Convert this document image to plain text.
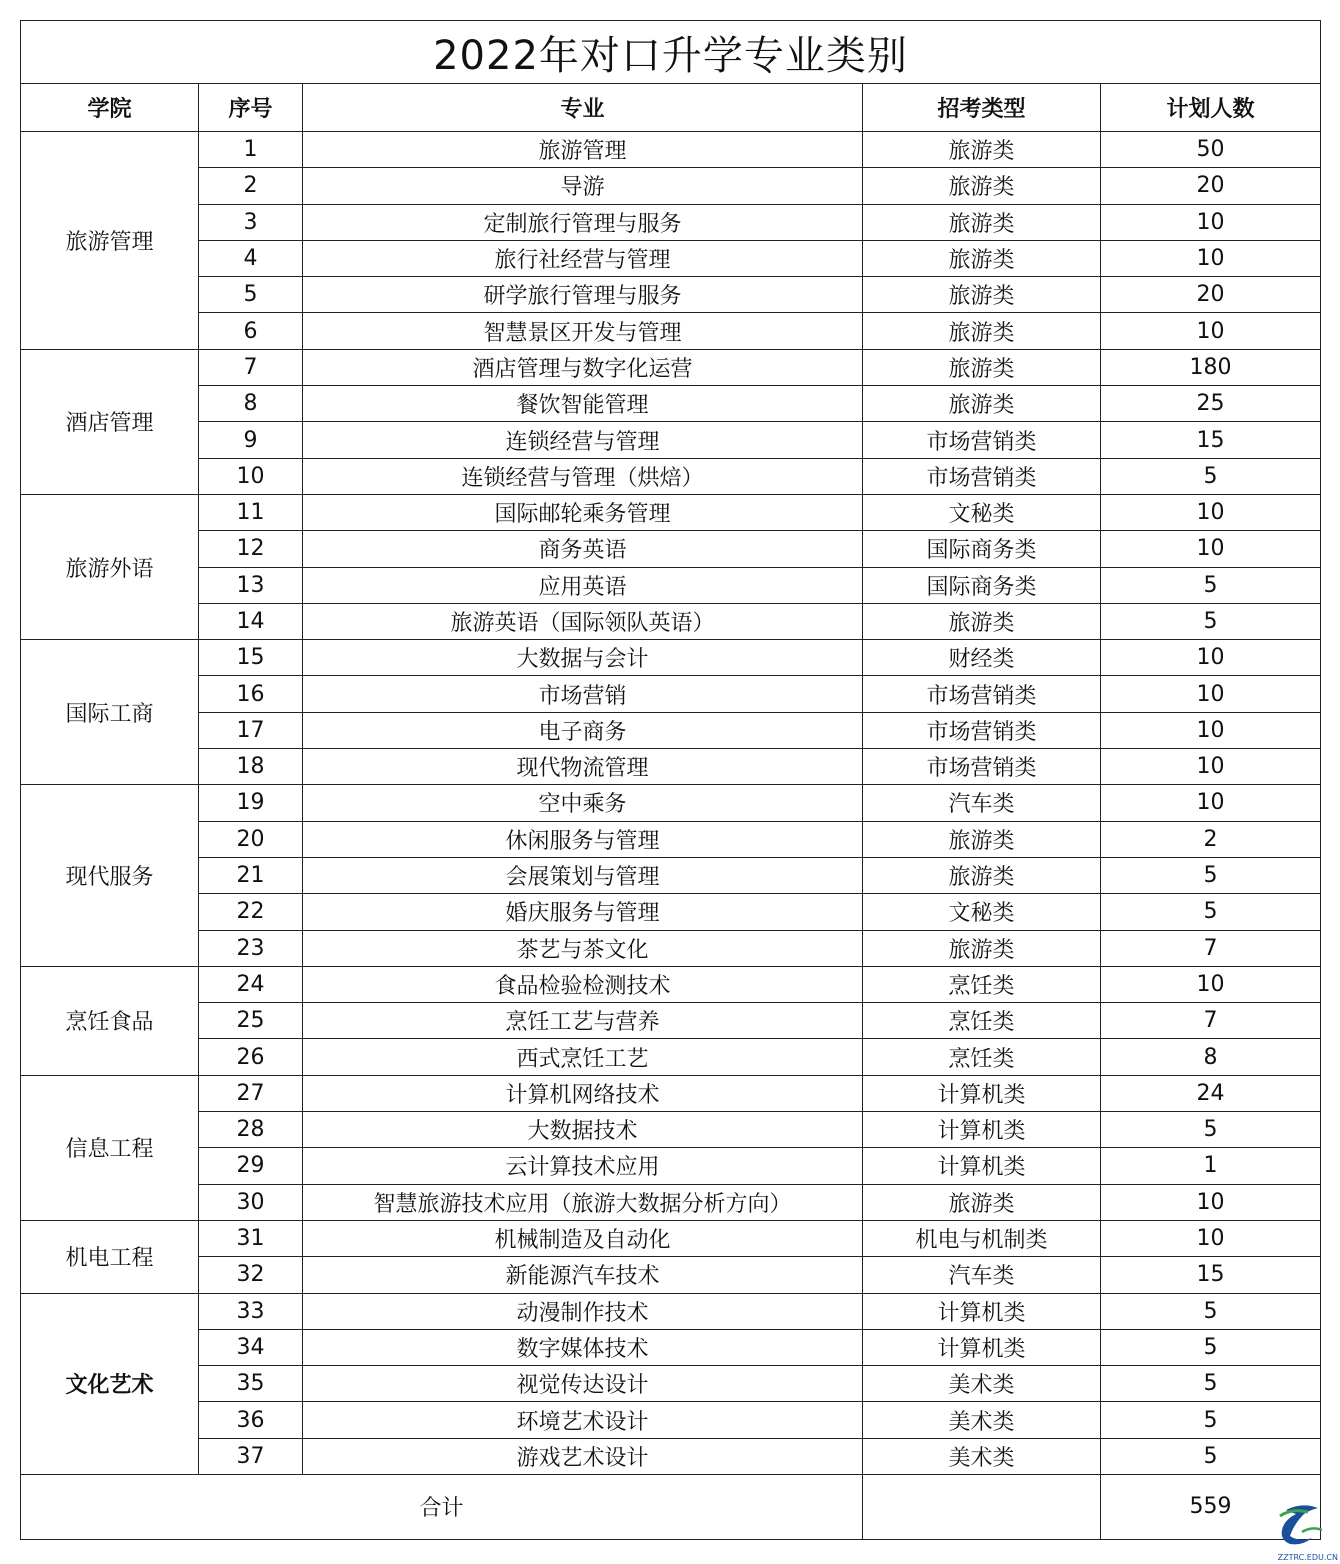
2022年对口升学专业类别				
学院	序号	专业	招考类型	计划人数
旅游管理	1	旅游管理	旅游类	50
	2	导游	旅游类	20
	3	定制旅行管理与服务	旅游类	10
	4	旅行社经营与管理	旅游类	10
	5	研学旅行管理与服务	旅游类	20
	6	智慧景区开发与管理	旅游类	10
酒店管理	7	酒店管理与数字化运营	旅游类	180
	8	餐饮智能管理	旅游类	25
	9	连锁经营与管理	市场营销类	15
	10	连锁经营与管理（烘焙）	市场营销类	5
旅游外语	11	国际邮轮乘务管理	文秘类	10
	12	商务英语	国际商务类	10
	13	应用英语	国际商务类	5
	14	旅游英语（国际领队英语）	旅游类	5
国际工商	15	大数据与会计	财经类	10
	16	市场营销	市场营销类	10
	17	电子商务	市场营销类	10
	18	现代物流管理	市场营销类	10
现代服务	19	空中乘务	汽车类	10
	20	休闲服务与管理	旅游类	2
	21	会展策划与管理	旅游类	5
	22	婚庆服务与管理	文秘类	5
	23	茶艺与茶文化	旅游类	7
烹饪食品	24	食品检验检测技术	烹饪类	10
	25	烹饪工艺与营养	烹饪类	7
	26	西式烹饪工艺	烹饪类	8
信息工程	27	计算机网络技术	计算机类	24
	28	大数据技术	计算机类	5
	29	云计算技术应用	计算机类	1
	30	智慧旅游技术应用（旅游大数据分析方向）	旅游类	10
机电工程	31	机械制造及自动化	机电与机制类	10
	32	新能源汽车技术	汽车类	15
文化艺术	33	动漫制作技术	计算机类	5
	34	数字媒体技术	计算机类	5
	35	视觉传达设计	美术类	5
	36	环境艺术设计	美术类	5
	37	游戏艺术设计	美术类	5
合计				559
ZZTRC.EDU.CN
